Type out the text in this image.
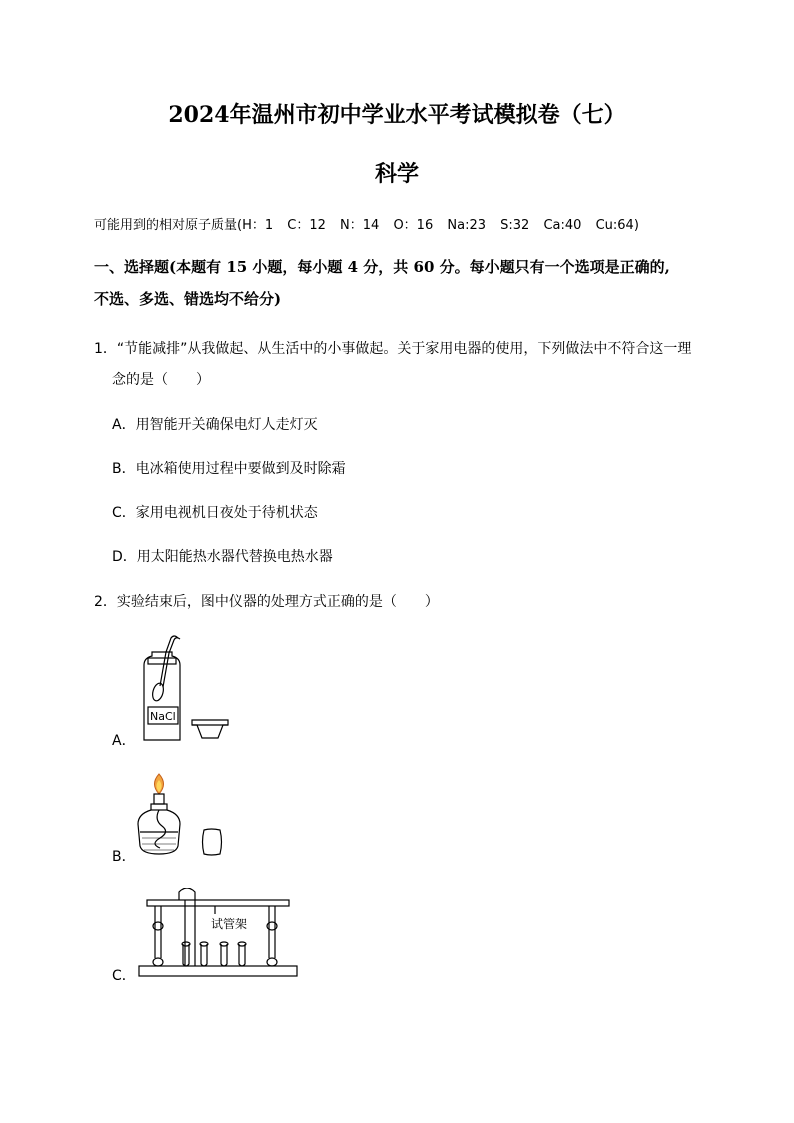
2024年温州市初中学业水平考试模拟卷（七）
科学
可能用到的相对原子质量(H：1 C：12 N：14 O：16 Na:23 S:32 Ca:40 Cu:64)
一、选择题(本题有 15 小题，每小题 4 分，共 60 分。每小题只有一个选项是正确的,
不选、多选、错选均不给分)
1．“节能减排”从我做起、从生活中的小事做起。关于家用电器的使用，下列做法中不符合这一理
念的是（　　）
A．用智能开关确保电灯人走灯灭
B．电冰箱使用过程中要做到及时除霜
C．家用电视机日夜处于待机状态
D．用太阳能热水器代替换电热水器
2．实验结束后，图中仪器的处理方式正确的是（　　）
A．
NaCl
B．
C．
试管架
